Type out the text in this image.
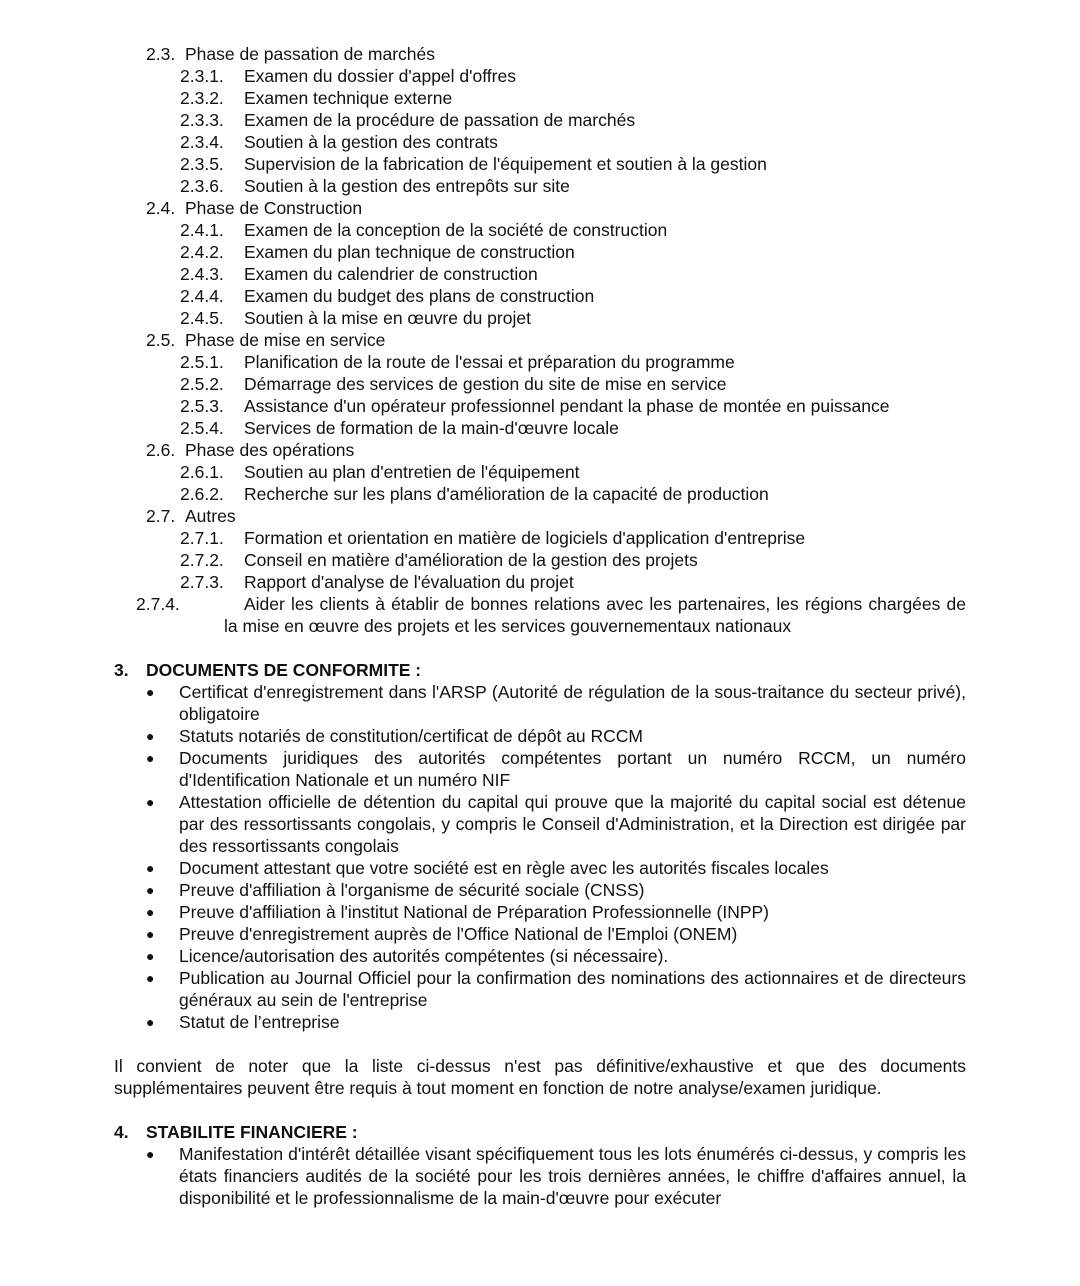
2.3. Phase de passation de marchés
2.3.1. Examen du dossier d'appel d'offres
2.3.2. Examen technique externe
2.3.3. Examen de la procédure de passation de marchés
2.3.4. Soutien à la gestion des contrats
2.3.5. Supervision de la fabrication de l'équipement et soutien à la gestion
2.3.6. Soutien à la gestion des entrepôts sur site
2.4. Phase de Construction
2.4.1. Examen de la conception de la société de construction
2.4.2. Examen du plan technique de construction
2.4.3. Examen du calendrier de construction
2.4.4. Examen du budget des plans de construction
2.4.5. Soutien à la mise en œuvre du projet
2.5. Phase de mise en service
2.5.1. Planification de la route de l'essai et préparation du programme
2.5.2. Démarrage des services de gestion du site de mise en service
2.5.3. Assistance d'un opérateur professionnel pendant la phase de montée en puissance
2.5.4. Services de formation de la main-d'œuvre locale
2.6. Phase des opérations
2.6.1. Soutien au plan d'entretien de l'équipement
2.6.2. Recherche sur les plans d'amélioration de la capacité de production
2.7. Autres
2.7.1. Formation et orientation en matière de logiciels d'application d'entreprise
2.7.2. Conseil en matière d'amélioration de la gestion des projets
2.7.3. Rapport d'analyse de l'évaluation du projet
2.7.4.	Aider les clients à établir de bonnes relations avec les partenaires, les régions chargées de la mise en œuvre des projets et les services gouvernementaux nationaux
3. DOCUMENTS DE CONFORMITE :
● Certificat d'enregistrement dans l'ARSP (Autorité de régulation de la sous-traitance du secteur privé), obligatoire
● Statuts notariés de constitution/certificat de dépôt au RCCM
● Documents juridiques des autorités compétentes portant un numéro RCCM, un numéro d'Identification Nationale et un numéro NIF
● Attestation officielle de détention du capital qui prouve que la majorité du capital social est détenue par des ressortissants congolais, y compris le Conseil d'Administration, et la Direction est dirigée par des ressortissants congolais
● Document attestant que votre société est en règle avec les autorités fiscales locales
● Preuve d'affiliation à l'organisme de sécurité sociale (CNSS)
● Preuve d'affiliation à l'institut National de Préparation Professionnelle (INPP)
● Preuve d'enregistrement auprès de l'Office National de l'Emploi (ONEM)
● Licence/autorisation des autorités compétentes (si nécessaire).
● Publication au Journal Officiel pour la confirmation des nominations des actionnaires et de directeurs généraux au sein de l'entreprise
● Statut de l’entreprise
Il convient de noter que la liste ci-dessus n'est pas définitive/exhaustive et que des documents supplémentaires peuvent être requis à tout moment en fonction de notre analyse/examen juridique.
4. STABILITE FINANCIERE :
● Manifestation d'intérêt détaillée visant spécifiquement tous les lots énumérés ci-dessus, y compris les états financiers audités de la société pour les trois dernières années, le chiffre d'affaires annuel, la disponibilité et le professionnalisme de la main-d'œuvre pour exécuter
